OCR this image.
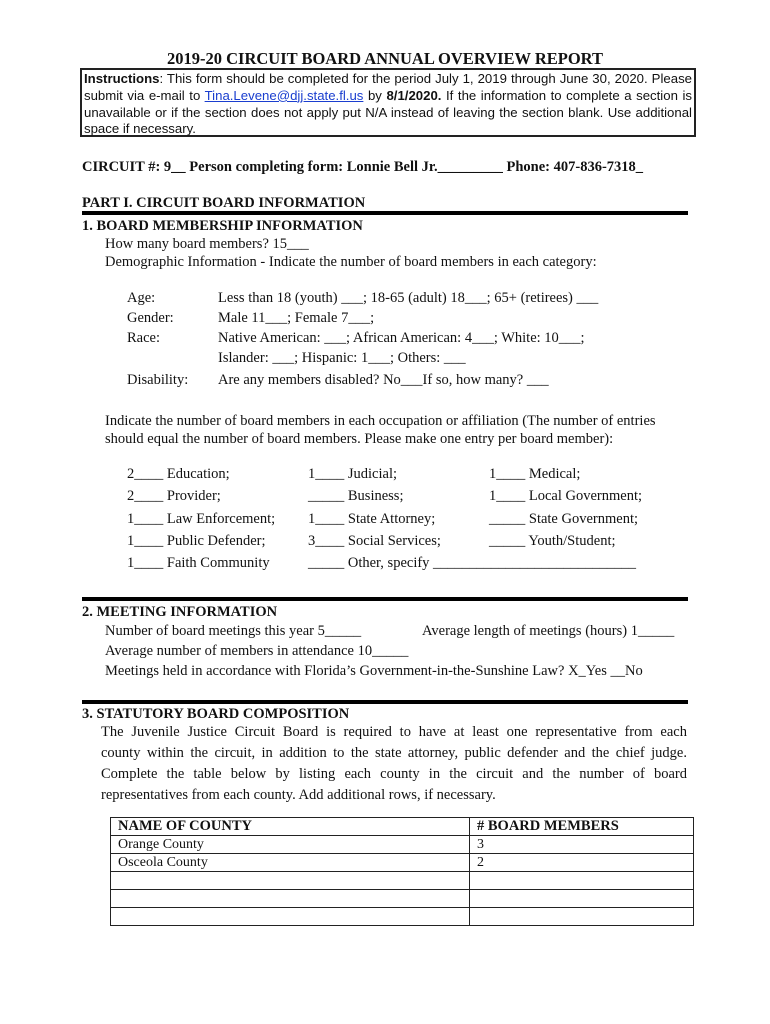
2019-20 CIRCUIT BOARD ANNUAL OVERVIEW REPORT
Instructions: This form should be completed for the period July 1, 2019 through June 30, 2020. Please submit via e-mail to Tina.Levene@djj.state.fl.us by 8/1/2020. If the information to complete a section is unavailable or if the section does not apply put N/A instead of leaving the section blank. Use additional space if necessary.
CIRCUIT #: 9__ Person completing form: Lonnie Bell Jr._________ Phone: 407-836-7318_
PART I. CIRCUIT BOARD INFORMATION
1. BOARD MEMBERSHIP INFORMATION
How many board members? 15___
Demographic Information - Indicate the number of board members in each category:
Age:	Less than 18 (youth) ___; 18-65 (adult) 18___; 65+ (retirees) ___
Gender:	Male 11___; Female 7___;
Race:	Native American: ___; African American: 4___; White: 10___;
Islander: ___; Hispanic: 1___; Others: ___
Disability: Are any members disabled? No___If so, how many? ___
Indicate the number of board members in each occupation or affiliation (The number of entries
should equal the number of board members. Please make one entry per board member):
2____ Education;	1____ Judicial;	1____ Medical;
2____ Provider;	_____ Business;	1____ Local Government;
1____ Law Enforcement; 1____ State Attorney;	_____ State Government;
1____ Public Defender;	3____ Social Services;	_____ Youth/Student;
1____ Faith Community	_____ Other, specify ____________________________
2. MEETING INFORMATION
Number of board meetings this year 5_____	Average length of meetings (hours) 1_____
Average number of members in attendance 10_____
Meetings held in accordance with Florida’s Government-in-the-Sunshine Law? X_Yes __No
3. STATUTORY BOARD COMPOSITION
The Juvenile Justice Circuit Board is required to have at least one representative from each
county within the circuit, in addition to the state attorney, public defender and the chief judge.
Complete the table below by listing each county in the circuit and the number of board
representatives from each county. Add additional rows, if necessary.
NAME OF COUNTY	# BOARD MEMBERS
Orange County	3
Osceola County	2
